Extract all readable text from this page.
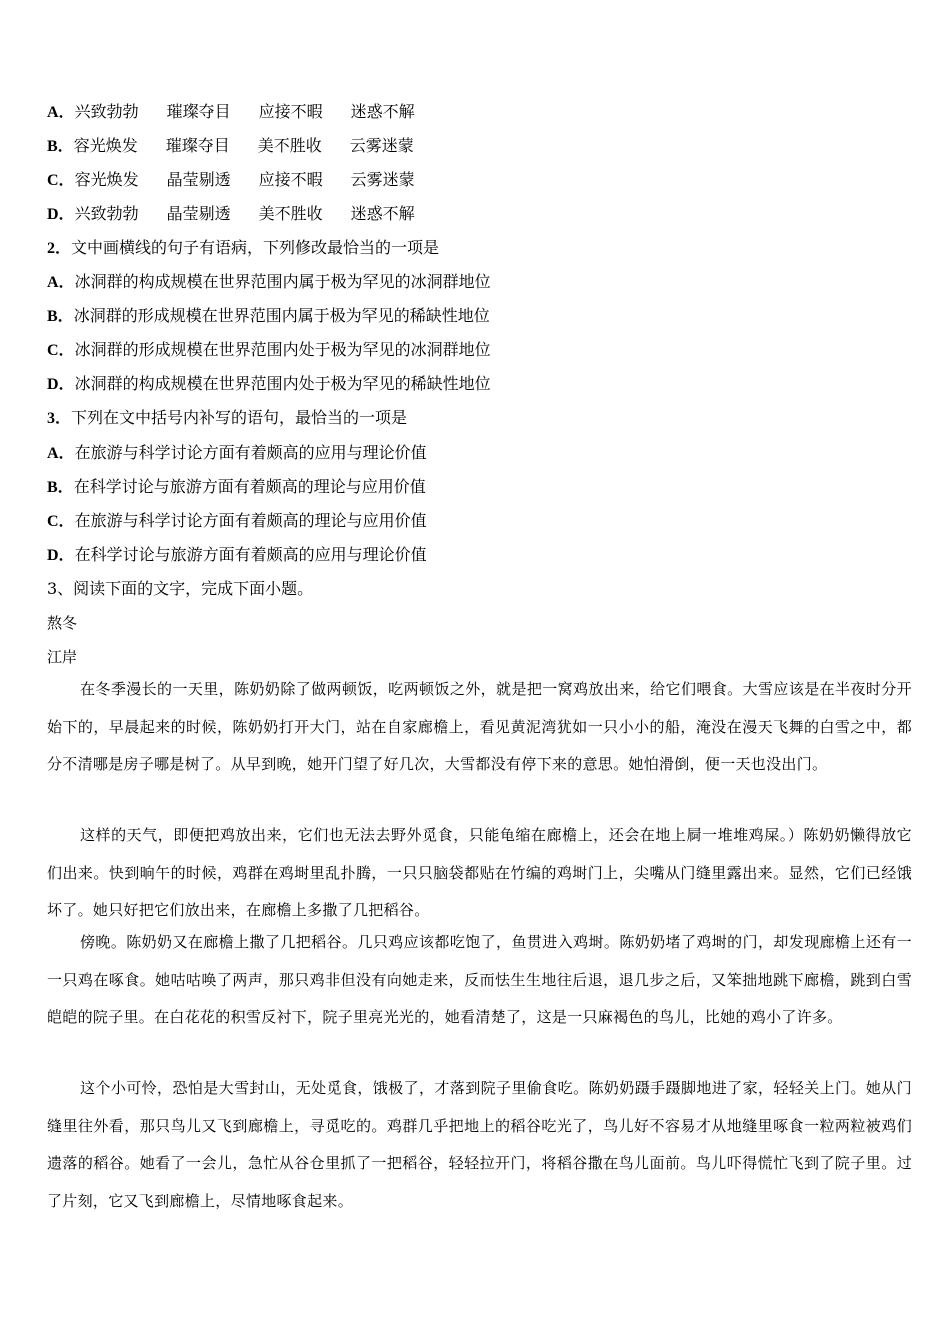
A．兴致勃勃 璀璨夺目 应接不暇 迷惑不解
B．容光焕发 璀璨夺目 美不胜收 云雾迷蒙
C．容光焕发 晶莹剔透 应接不暇 云雾迷蒙
D．兴致勃勃 晶莹剔透 美不胜收 迷惑不解
2．文中画横线的句子有语病，下列修改最恰当的一项是
A．冰洞群的构成规模在世界范围内属于极为罕见的冰洞群地位
B．冰洞群的形成规模在世界范围内属于极为罕见的稀缺性地位
C．冰洞群的形成规模在世界范围内处于极为罕见的冰洞群地位
D．冰洞群的构成规模在世界范围内处于极为罕见的稀缺性地位
3．下列在文中括号内补写的语句，最恰当的一项是
A．在旅游与科学讨论方面有着颇高的应用与理论价值
B．在科学讨论与旅游方面有着颇高的理论与应用价值
C．在旅游与科学讨论方面有着颇高的理论与应用价值
D．在科学讨论与旅游方面有着颇高的应用与理论价值
3、阅读下面的文字，完成下面小题。
熬冬
江岸
在冬季漫长的一天里，陈奶奶除了做两顿饭，吃两顿饭之外，就是把一窝鸡放出来，给它们喂食。大雪应该是在半夜时分开始下的，早晨起来的时候，陈奶奶打开大门，站在自家廊檐上，看见黄泥湾犹如一只小小的船，淹没在漫天飞舞的白雪之中，都分不清哪是房子哪是树了。从早到晚，她开门望了好几次，大雪都没有停下来的意思。她怕滑倒，便一天也没出门。
这样的天气，即便把鸡放出来，它们也无法去野外觅食，只能龟缩在廊檐上，还会在地上屙一堆堆鸡屎。）陈奶奶懒得放它们出来。快到晌午的时候，鸡群在鸡埘里乱扑腾，一只只脑袋都贴在竹编的鸡埘门上，尖嘴从门缝里露出来。显然，它们已经饿坏了。她只好把它们放出来，在廊檐上多撒了几把稻谷。
傍晚。陈奶奶又在廊檐上撒了几把稻谷。几只鸡应该都吃饱了，鱼贯进入鸡埘。陈奶奶堵了鸡埘的门，却发现廊檐上还有一一只鸡在啄食。她咕咕唤了两声，那只鸡非但没有向她走来，反而怯生生地往后退，退几步之后，又笨拙地跳下廊檐，跳到白雪皑皑的院子里。在白花花的积雪反衬下，院子里亮光光的，她看清楚了，这是一只麻褐色的鸟儿，比她的鸡小了许多。
这个小可怜，恐怕是大雪封山，无处觅食，饿极了，才落到院子里偷食吃。陈奶奶蹑手蹑脚地进了家，轻轻关上门。她从门缝里往外看，那只鸟儿又飞到廊檐上，寻觅吃的。鸡群几乎把地上的稻谷吃光了，鸟儿好不容易才从地缝里啄食一粒两粒被鸡们遗落的稻谷。她看了一会儿，急忙从谷仓里抓了一把稻谷，轻轻拉开门，将稻谷撒在鸟儿面前。鸟儿吓得慌忙飞到了院子里。过了片刻，它又飞到廊檐上，尽情地啄食起来。
